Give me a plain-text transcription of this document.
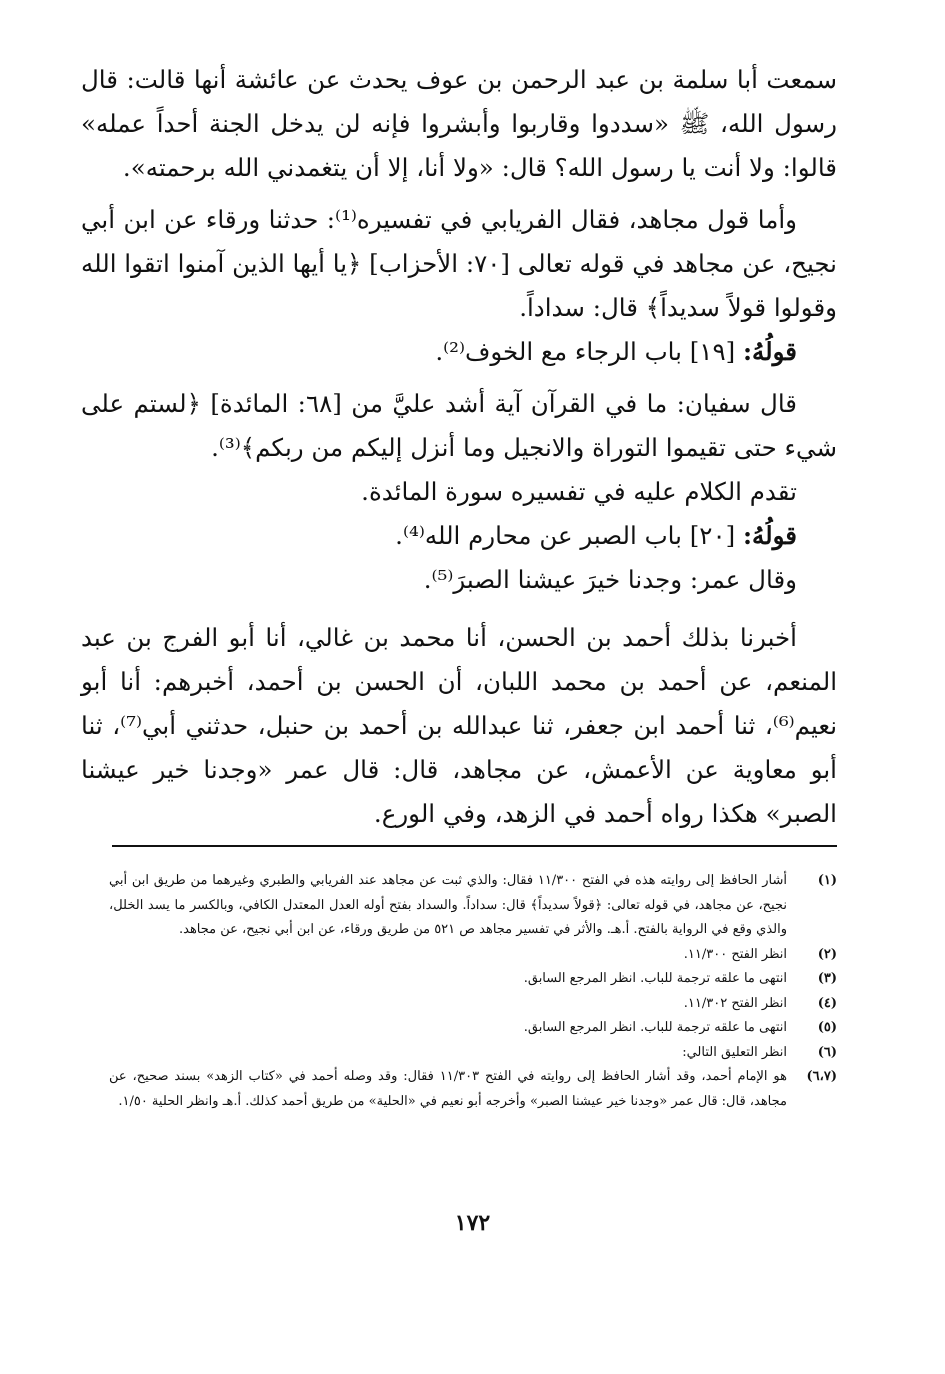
سمعت أبا سلمة بن عبد الرحمن بن عوف يحدث عن عائشة أنها قالت: قال رسول الله، ﷺ «سددوا وقاربوا وأبشروا فإنه لن يدخل الجنة أحداً عمله» قالوا: ولا أنت يا رسول الله؟ قال: «ولا أنا، إلا أن يتغمدني الله برحمته».

وأما قول مجاهد، فقال الفريابي في تفسيره⁽¹⁾: حدثنا ورقاء عن ابن أبي نجيح، عن مجاهد في قوله تعالى [٧٠: الأحزاب] ﴿يا أيها الذين آمنوا اتقوا الله وقولوا قولاً سديداً﴾ قال: سداداً.

قولُهُ: [١٩] باب الرجاء مع الخوف⁽²⁾.

قال سفيان: ما في القرآن آية أشد عليَّ من [٦٨: المائدة] ﴿لستم على شيء حتى تقيموا التوراة والانجيل وما أنزل إليكم من ربكم﴾⁽³⁾.

تقدم الكلام عليه في تفسيره سورة المائدة.

قولُهُ: [٢٠] باب الصبر عن محارم الله⁽⁴⁾.

وقال عمر: وجدنا خيرَ عيشنا الصبرَ⁽⁵⁾.

أخبرنا بذلك أحمد بن الحسن، أنا محمد بن غالي، أنا أبو الفرج بن عبد المنعم، عن أحمد بن محمد اللبان، أن الحسن بن أحمد، أخبرهم: أنا أبو نعيم⁽⁶⁾، ثنا أحمد ابن جعفر، ثنا عبدالله بن أحمد بن حنبل، حدثني أبي⁽⁷⁾، ثنا أبو معاوية عن الأعمش، عن مجاهد، قال: قال عمر «وجدنا خير عيشنا الصبر» هكذا رواه أحمد في الزهد، وفي الورع.

(١)
أشار الحافظ إلى روايته هذه في الفتح ١١/٣٠٠ فقال: والذي ثبت عن مجاهد عند الفريابي والطبري وغيرهما من طريق ابن أبي نجيح، عن مجاهد، في قوله تعالى: ﴿قولاً سديداً﴾ قال: سداداً. والسداد بفتح أوله العدل المعتدل الكافي، وبالكسر ما يسد الخلل، والذي وقع في الرواية بالفتح. أ.هـ. والأثر في تفسير مجاهد ص ٥٢١ من طريق ورقاء، عن ابن أبي نجيح، عن مجاهد.
(٢)
انظر الفتح ١١/٣٠٠.
(٣)
انتهى ما علقه ترجمة للباب. انظر المرجع السابق.
(٤)
انظر الفتح ١١/٣٠٢.
(٥)
انتهى ما علقه ترجمة للباب. انظر المرجع السابق.
(٦)
انظر التعليق التالي:
(٦،٧)
هو الإمام أحمد، وقد أشار الحافظ إلى روايته في الفتح ١١/٣٠٣ فقال: وقد وصله أحمد في «كتاب الزهد» بسند صحيح، عن مجاهد، قال: قال عمر «وجدنا خير عيشنا الصبر» وأخرجه أبو نعيم في «الحلية» من طريق أحمد كذلك. أ.هـ وانظر الحلية ١/٥٠.
١٧٢
